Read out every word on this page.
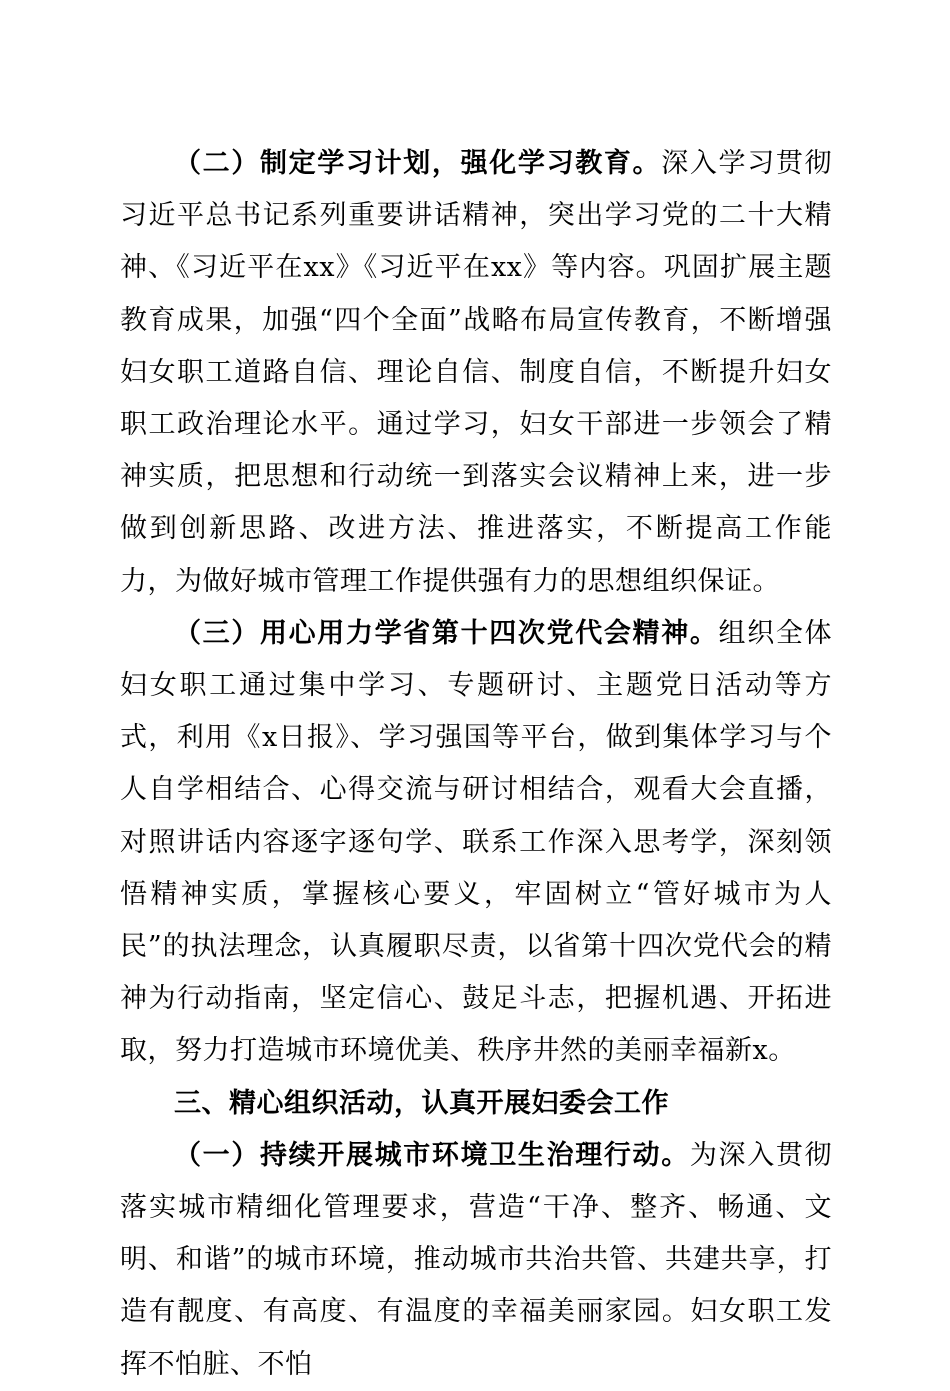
（二）制定学习计划，强化学习教育。深入学习贯彻习近平总书记系列重要讲话精神，突出学习党的二十大精神、《习近平在xx》《习近平在xx》等内容。巩固扩展主题教育成果，加强“四个全面”战略布局宣传教育，不断增强妇女职工道路自信、理论自信、制度自信，不断提升妇女职工政治理论水平。通过学习，妇女干部进一步领会了精神实质，把思想和行动统一到落实会议精神上来，进一步做到创新思路、改进方法、推进落实，不断提高工作能力，为做好城市管理工作提供强有力的思想组织保证。

（三）用心用力学省第十四次党代会精神。组织全体妇女职工通过集中学习、专题研讨、主题党日活动等方式，利用《x日报》、学习强国等平台，做到集体学习与个人自学相结合、心得交流与研讨相结合，观看大会直播，对照讲话内容逐字逐句学、联系工作深入思考学，深刻领悟精神实质，掌握核心要义，牢固树立“管好城市为人民”的执法理念，认真履职尽责，以省第十四次党代会的精神为行动指南，坚定信心、鼓足斗志，把握机遇、开拓进取，努力打造城市环境优美、秩序井然的美丽幸福新x。

三、精心组织活动，认真开展妇委会工作

（一）持续开展城市环境卫生治理行动。为深入贯彻落实城市精细化管理要求，营造“干净、整齐、畅通、文明、和谐”的城市环境，推动城市共治共管、共建共享，打造有靓度、有高度、有温度的幸福美丽家园。妇女职工发挥不怕脏、不怕
